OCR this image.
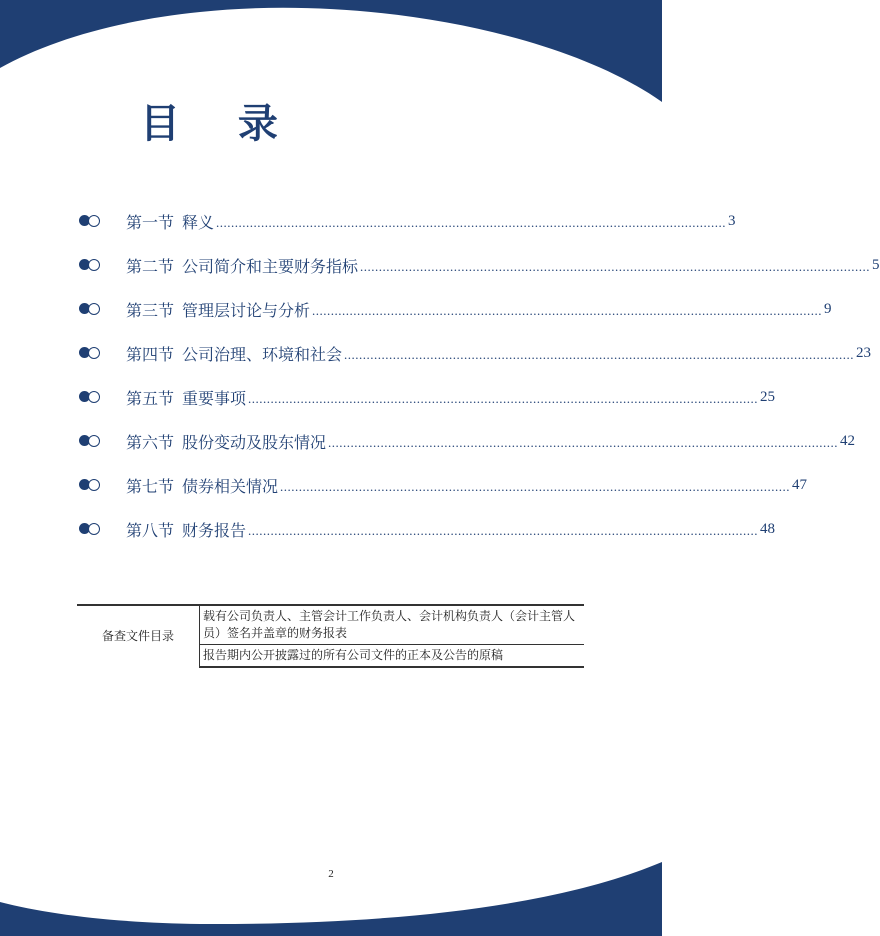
目 录
第一节 释义 ........................................................................................................................................ 3
第二节 公司简介和主要财务指标 ........................................................................................................................................ 5
第三节 管理层讨论与分析 ........................................................................................................................................ 9
第四节 公司治理、环境和社会 ........................................................................................................................................ 23
第五节 重要事项 ........................................................................................................................................ 25
第六节 股份变动及股东情况 ........................................................................................................................................ 42
第七节 债券相关情况 ........................................................................................................................................ 47
第八节 财务报告 ........................................................................................................................................ 48
备查文件目录	载有公司负责人、主管会计工作负责人、会计机构负责人（会计主管人员）签名并盖章的财务报表
报告期内公开披露过的所有公司文件的正本及公告的原稿
2
